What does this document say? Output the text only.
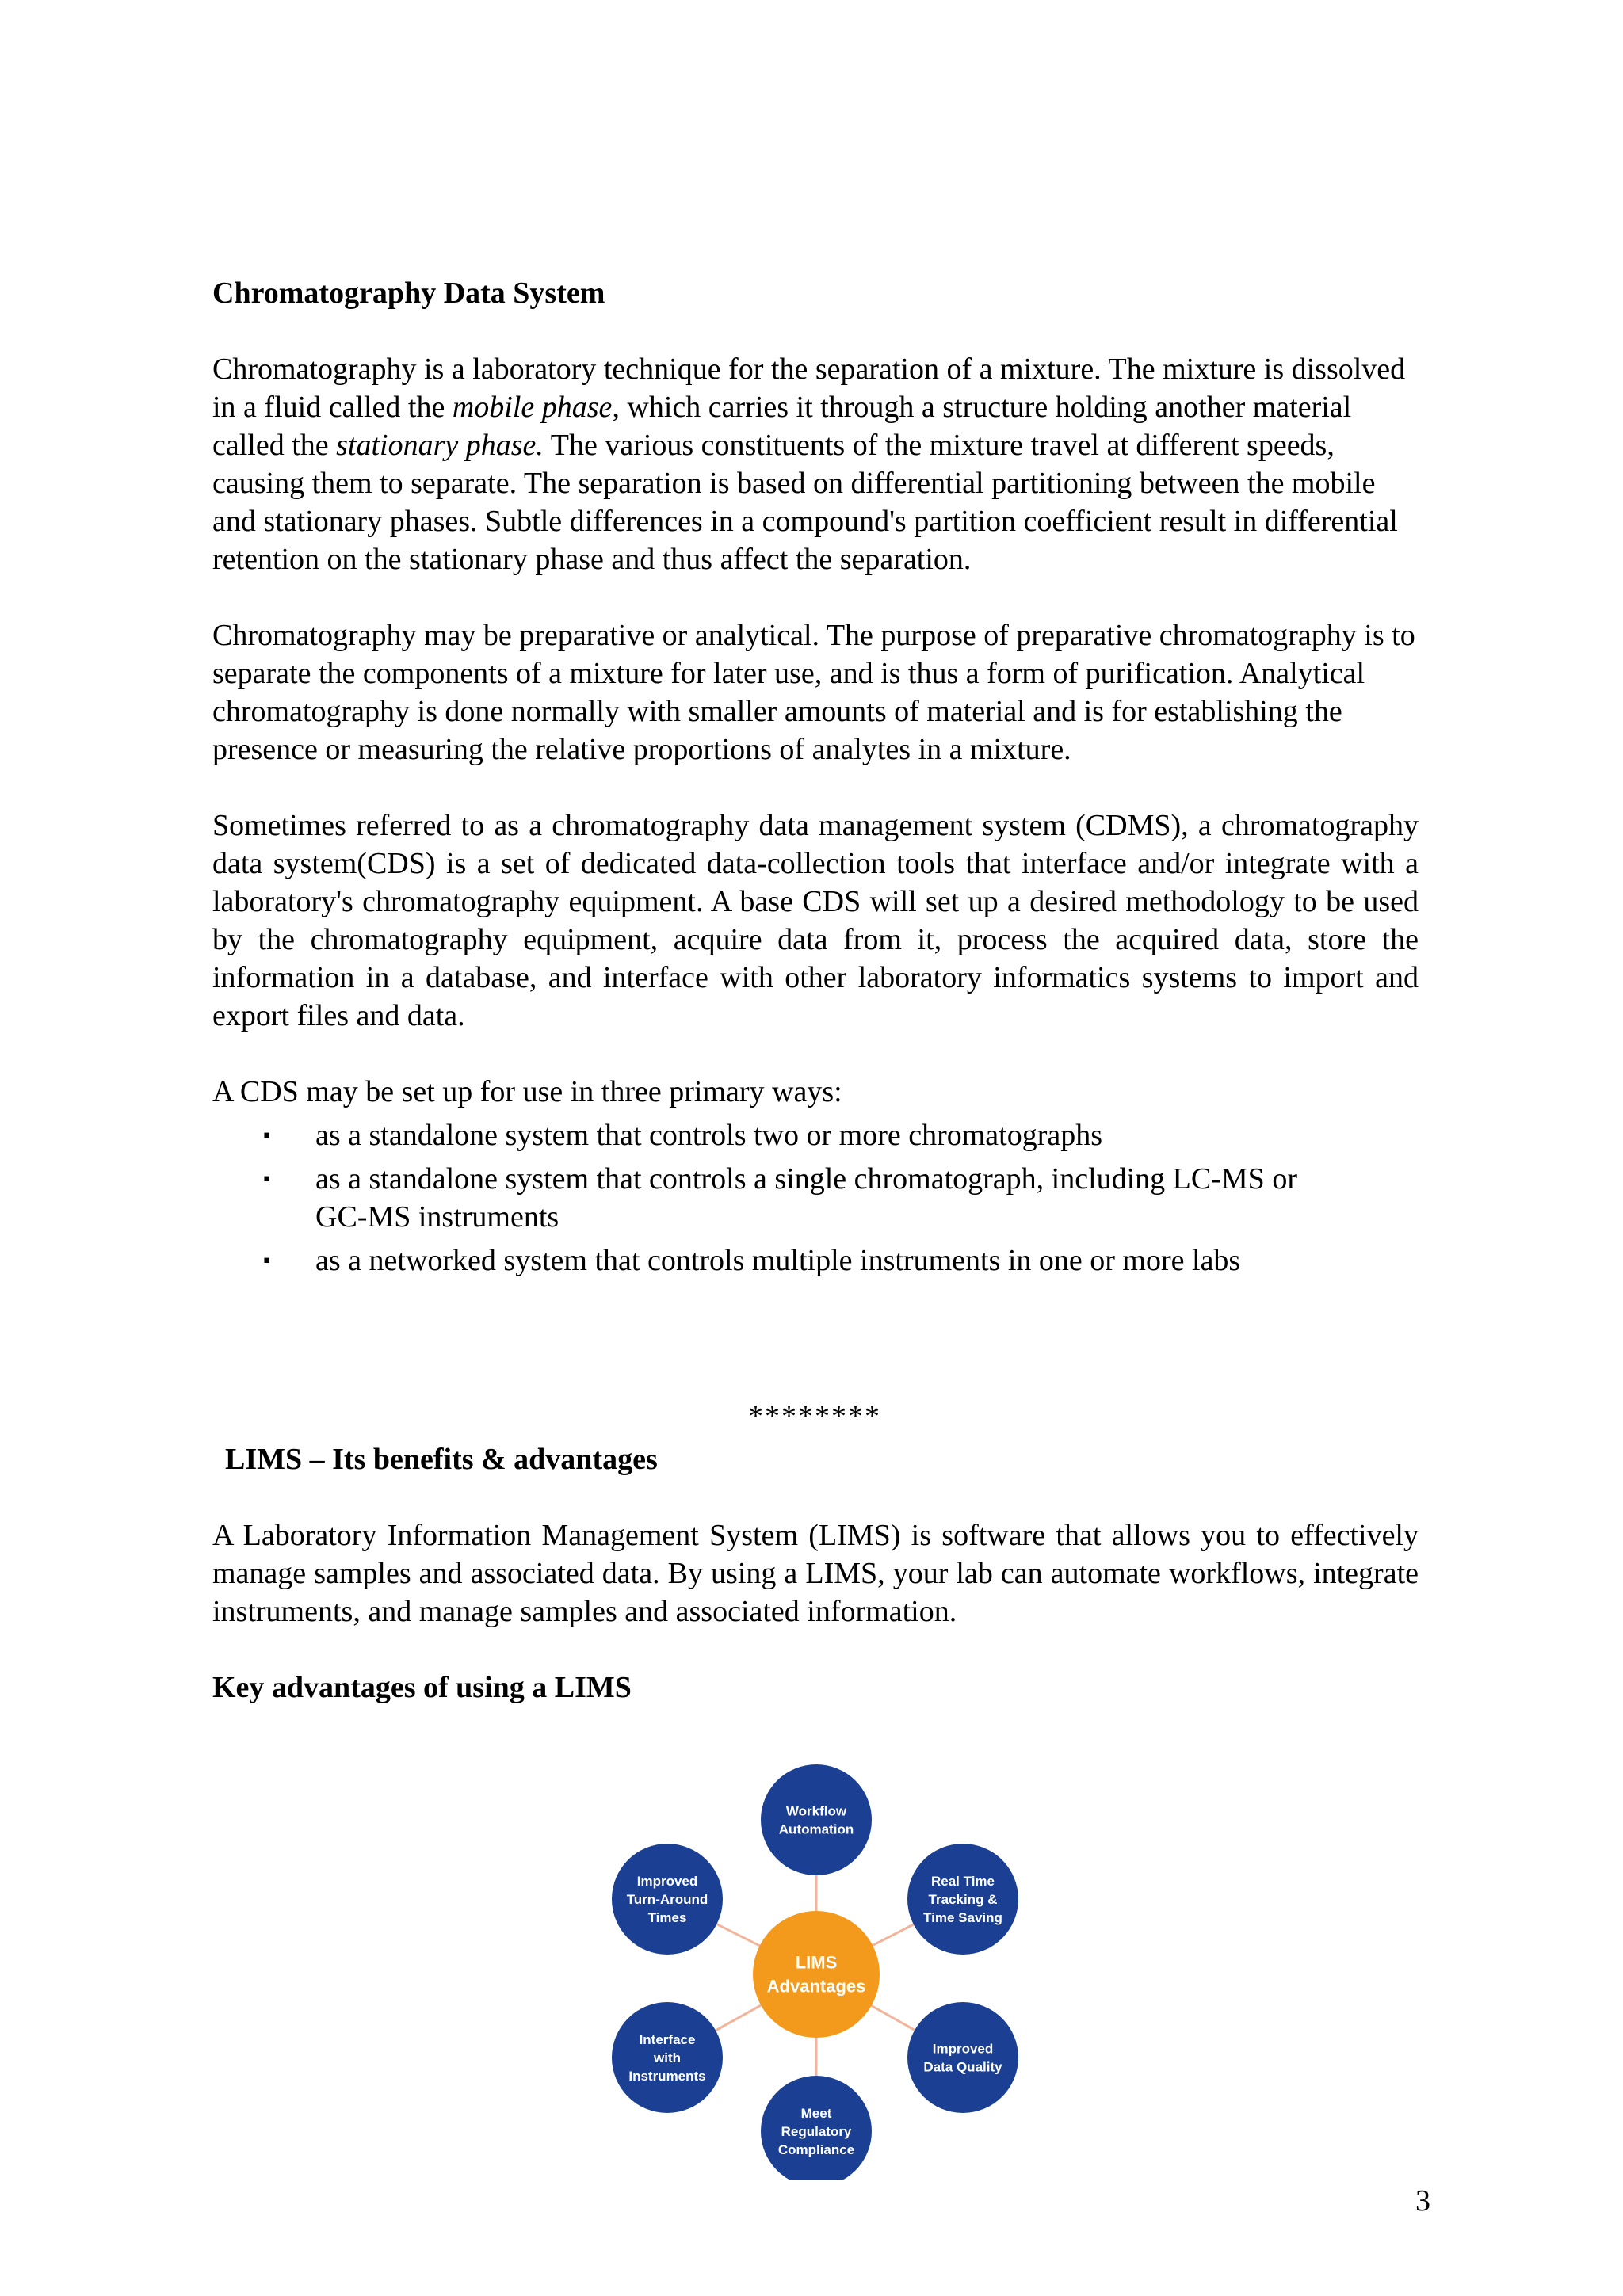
Chromatography Data System

Chromatography is a laboratory technique for the separation of a mixture. The mixture is dissolved in a fluid called the mobile phase, which carries it through a structure holding another material called the stationary phase. The various constituents of the mixture travel at different speeds, causing them to separate. The separation is based on differential partitioning between the mobile and stationary phases. Subtle differences in a compound's partition coefficient result in differential retention on the stationary phase and thus affect the separation.

Chromatography may be preparative or analytical. The purpose of preparative chromatography is to separate the components of a mixture for later use, and is thus a form of purification. Analytical chromatography is done normally with smaller amounts of material and is for establishing the presence or measuring the relative proportions of analytes in a mixture.

Sometimes referred to as a chromatography data management system (CDMS), a chromatography data system(CDS) is a set of dedicated data-collection tools that interface and/or integrate with a laboratory's chromatography equipment. A base CDS will set up a desired methodology to be used by the chromatography equipment, acquire data from it, process the acquired data, store the information in a database, and interface with other laboratory informatics systems to import and export files and data.

A CDS may be set up for use in three primary ways:

▪ as a standalone system that controls two or more chromatographs
▪ as a standalone system that controls a single chromatograph, including LC-MS or GC-MS instruments
▪ as a networked system that controls multiple instruments in one or more labs
********

LIMS – Its benefits & advantages

A Laboratory Information Management System (LIMS) is software that allows you to effectively manage samples and associated data. By using a LIMS, your lab can automate workflows, integrate instruments, and manage samples and associated information.

Key advantages of using a LIMS

Workflow
Automation
Real Time
Tracking &
Time Saving
Improved
Data Quality
Meet
Regulatory
Compliance
Interface
with
Instruments
Improved
Turn-Around
Times
LIMS
Advantages
3
